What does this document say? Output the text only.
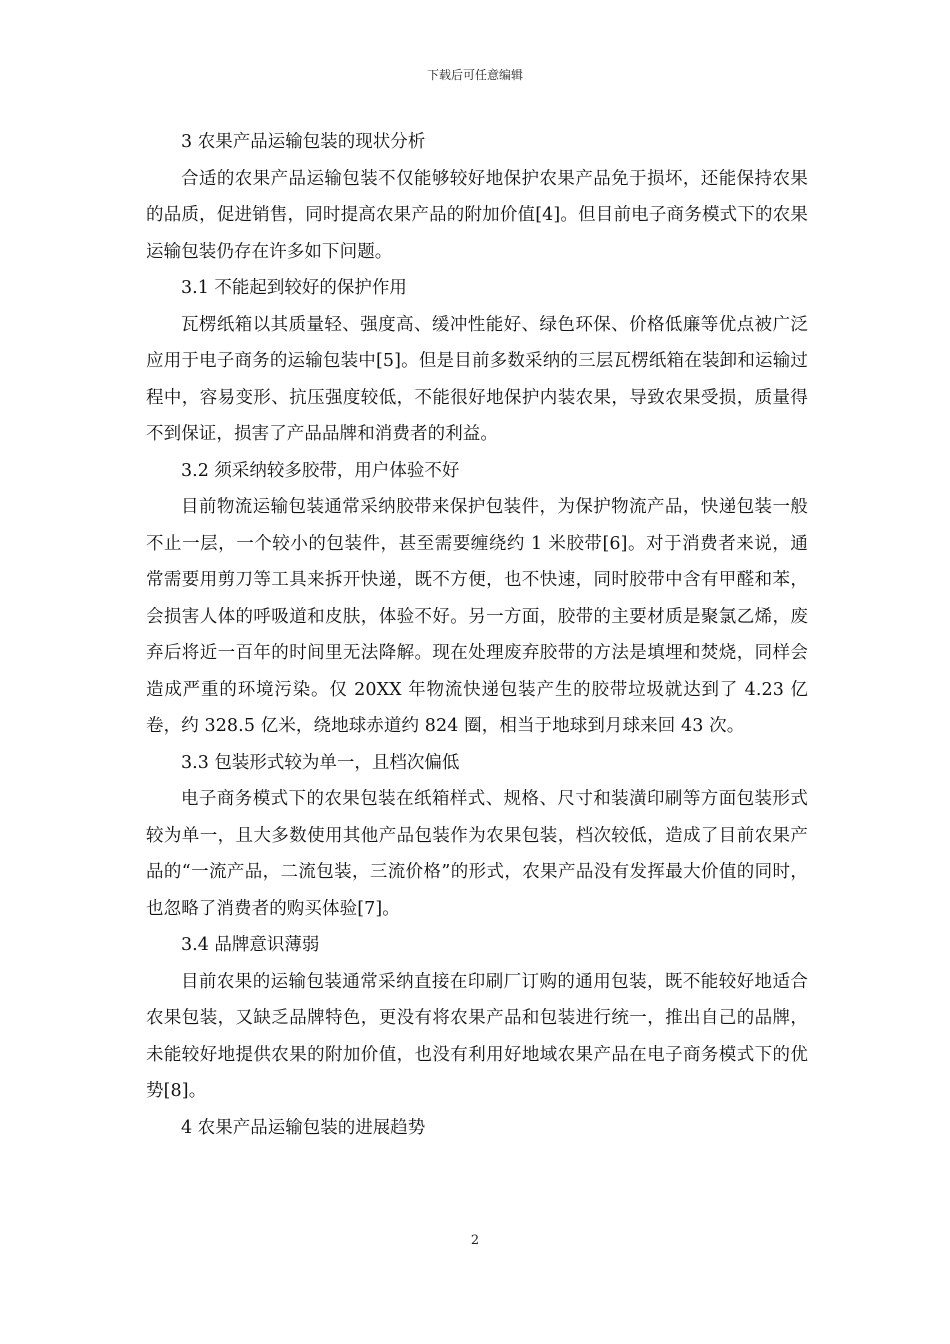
下载后可任意编辑
3 农果产品运输包装的现状分析
合适的农果产品运输包装不仅能够较好地保护农果产品免于损坏，还能保持农果的品质，促进销售，同时提高农果产品的附加价值[4]。但目前电子商务模式下的农果运输包装仍存在许多如下问题。
3.1 不能起到较好的保护作用
瓦楞纸箱以其质量轻、强度高、缓冲性能好、绿色环保、价格低廉等优点被广泛应用于电子商务的运输包装中[5]。但是目前多数采纳的三层瓦楞纸箱在装卸和运输过程中，容易变形、抗压强度较低，不能很好地保护内装农果，导致农果受损，质量得不到保证，损害了产品品牌和消费者的利益。
3.2 须采纳较多胶带，用户体验不好
目前物流运输包装通常采纳胶带来保护包装件，为保护物流产品，快递包装一般不止一层，一个较小的包装件，甚至需要缠绕约 1 米胶带[6]。对于消费者来说，通常需要用剪刀等工具来拆开快递，既不方便，也不快速，同时胶带中含有甲醛和苯，会损害人体的呼吸道和皮肤，体验不好。另一方面，胶带的主要材质是聚氯乙烯，废弃后将近一百年的时间里无法降解。现在处理废弃胶带的方法是填埋和焚烧，同样会造成严重的环境污染。仅 20XX 年物流快递包装产生的胶带垃圾就达到了 4.23 亿卷，约 328.5 亿米，绕地球赤道约 824 圈，相当于地球到月球来回 43 次。
3.3 包装形式较为单一，且档次偏低
电子商务模式下的农果包装在纸箱样式、规格、尺寸和装潢印刷等方面包装形式较为单一，且大多数使用其他产品包装作为农果包装，档次较低，造成了目前农果产品的“一流产品，二流包装，三流价格”的形式，农果产品没有发挥最大价值的同时，也忽略了消费者的购买体验[7]。
3.4 品牌意识薄弱
目前农果的运输包装通常采纳直接在印刷厂订购的通用包装，既不能较好地适合农果包装，又缺乏品牌特色，更没有将农果产品和包装进行统一，推出自己的品牌，未能较好地提供农果的附加价值，也没有利用好地域农果产品在电子商务模式下的优势[8]。
4 农果产品运输包装的进展趋势
2
